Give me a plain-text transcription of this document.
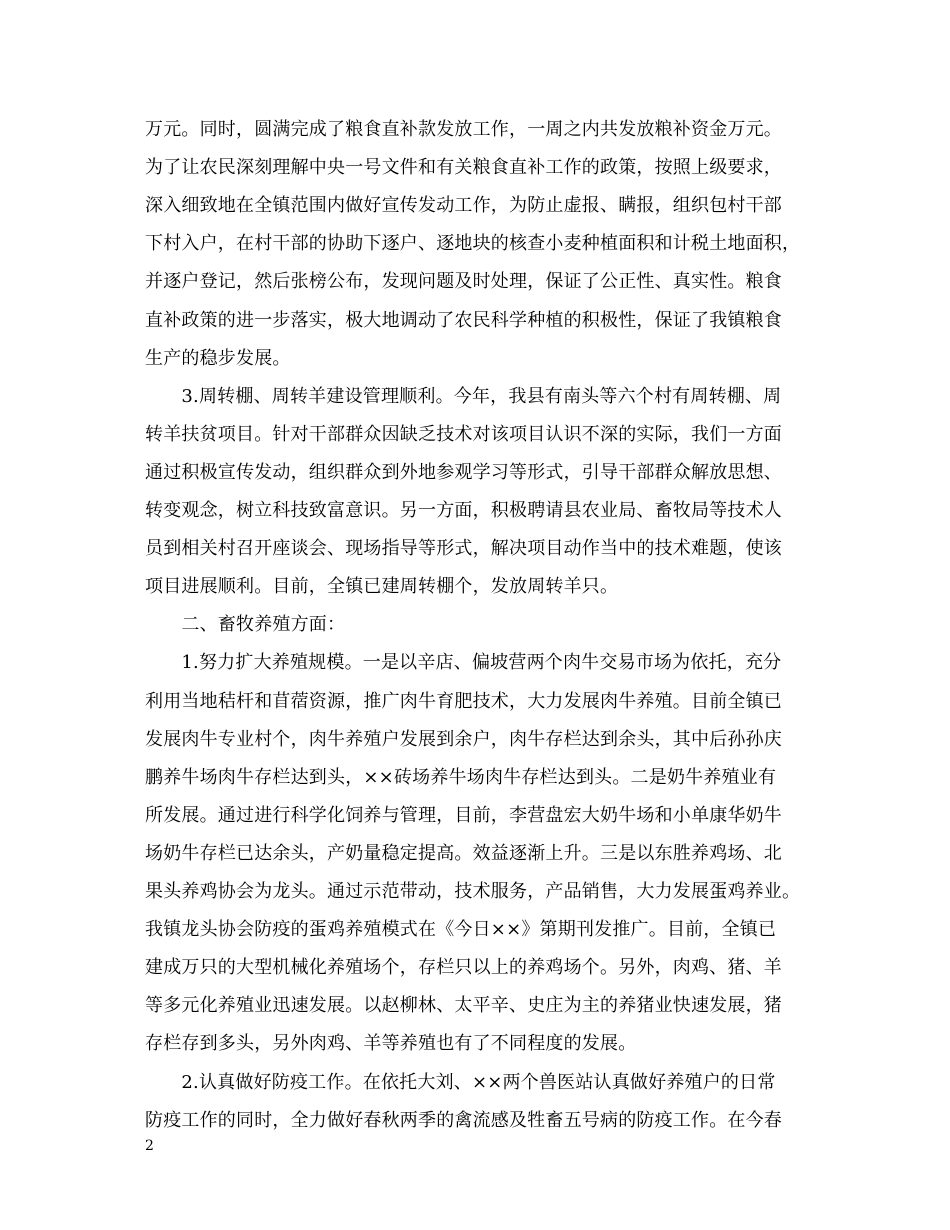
万元。同时，圆满完成了粮食直补款发放工作，一周之内共发放粮补资金万元。
为了让农民深刻理解中央一号文件和有关粮食直补工作的政策，按照上级要求，
深入细致地在全镇范围内做好宣传发动工作，为防止虚报、瞒报，组织包村干部
下村入户，在村干部的协助下逐户、逐地块的核查小麦种植面积和计税土地面积，
并逐户登记，然后张榜公布，发现问题及时处理，保证了公正性、真实性。粮食
直补政策的进一步落实，极大地调动了农民科学种植的积极性，保证了我镇粮食
生产的稳步发展。
　　3.周转棚、周转羊建设管理顺利。今年，我县有南头等六个村有周转棚、周
转羊扶贫项目。针对干部群众因缺乏技术对该项目认识不深的实际，我们一方面
通过积极宣传发动，组织群众到外地参观学习等形式，引导干部群众解放思想、
转变观念，树立科技致富意识。另一方面，积极聘请县农业局、畜牧局等技术人
员到相关村召开座谈会、现场指导等形式，解决项目动作当中的技术难题，使该
项目进展顺利。目前，全镇已建周转棚个，发放周转羊只。
　　二、畜牧养殖方面：
　　1.努力扩大养殖规模。一是以辛店、偏坡营两个肉牛交易市场为依托，充分
利用当地秸杆和苜蓿资源，推广肉牛育肥技术，大力发展肉牛养殖。目前全镇已
发展肉牛专业村个，肉牛养殖户发展到余户，肉牛存栏达到余头，其中后孙孙庆
鹏养牛场肉牛存栏达到头，××砖场养牛场肉牛存栏达到头。二是奶牛养殖业有
所发展。通过进行科学化饲养与管理，目前，李营盘宏大奶牛场和小单康华奶牛
场奶牛存栏已达余头，产奶量稳定提高。效益逐渐上升。三是以东胜养鸡场、北
果头养鸡协会为龙头。通过示范带动，技术服务，产品销售，大力发展蛋鸡养业。
我镇龙头协会防疫的蛋鸡养殖模式在《今日××》第期刊发推广。目前，全镇已
建成万只的大型机械化养殖场个，存栏只以上的养鸡场个。另外，肉鸡、猪、羊
等多元化养殖业迅速发展。以赵柳林、太平辛、史庄为主的养猪业快速发展，猪
存栏存到多头，另外肉鸡、羊等养殖也有了不同程度的发展。
　　2.认真做好防疫工作。在依托大刘、××两个兽医站认真做好养殖户的日常
防疫工作的同时，全力做好春秋两季的禽流感及牲畜五号病的防疫工作。在今春
2
